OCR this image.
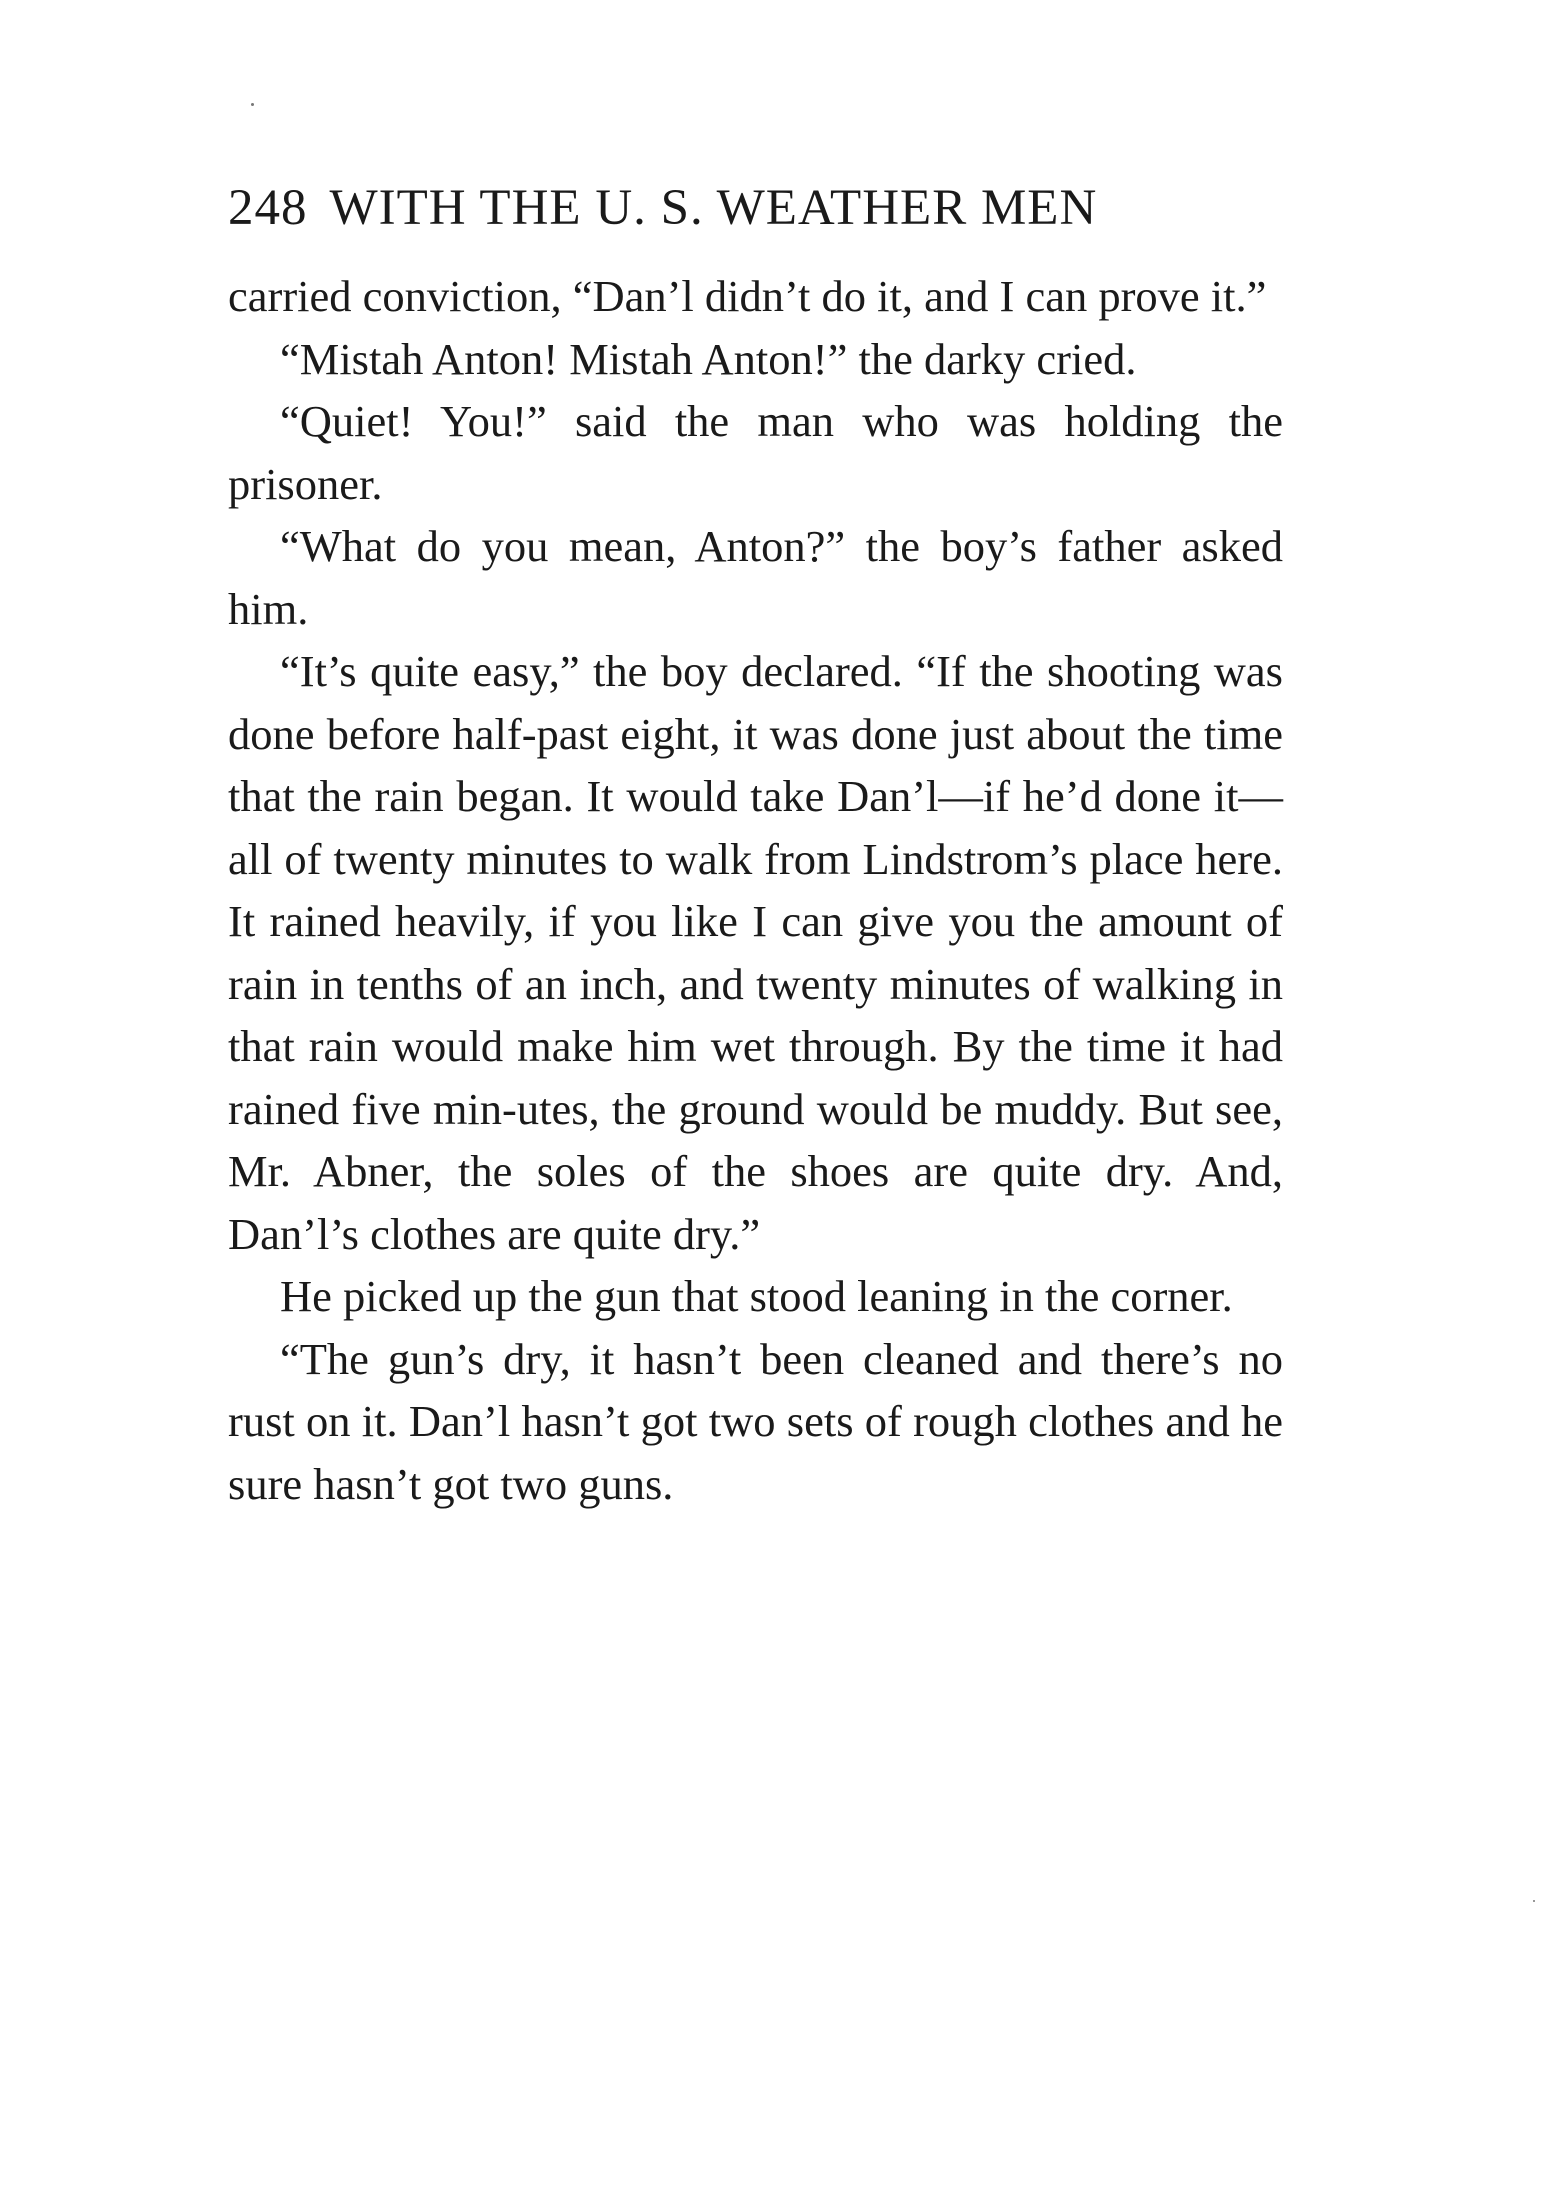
248 WITH THE U. S. WEATHER MEN

carried conviction, “Dan’l didn’t do it, and I can prove it.”

“Mistah Anton! Mistah Anton!” the darky cried.

“Quiet! You!” said the man who was holding the prisoner.

“What do you mean, Anton?” the boy’s father asked him.

“It’s quite easy,” the boy declared. “If the shooting was done before half-past eight, it was done just about the time that the rain began. It would take Dan’l—if he’d done it—all of twenty minutes to walk from Lindstrom’s place here. It rained heavily, if you like I can give you the amount of rain in tenths of an inch, and twenty minutes of walking in that rain would make him wet through. By the time it had rained five min-utes, the ground would be muddy. But see, Mr. Abner, the soles of the shoes are quite dry. And, Dan’l’s clothes are quite dry.”

He picked up the gun that stood leaning in the corner.

“The gun’s dry, it hasn’t been cleaned and there’s no rust on it. Dan’l hasn’t got two sets of rough clothes and he sure hasn’t got two guns.
